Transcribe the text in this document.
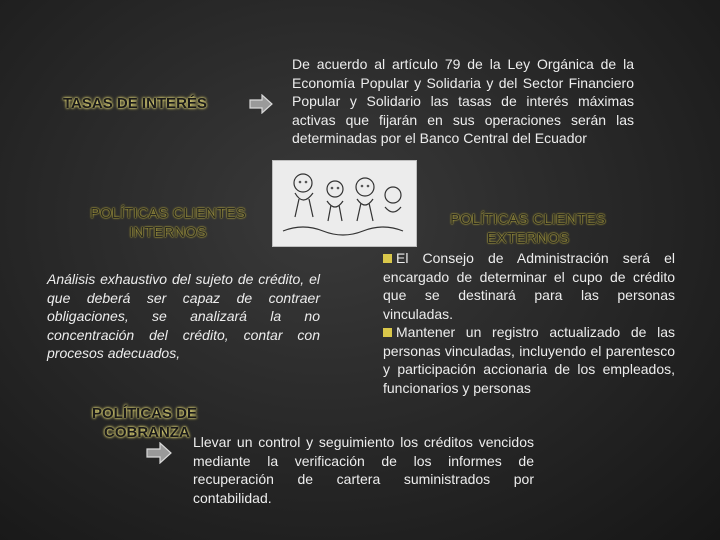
TASAS DE INTERÉS
De acuerdo al artículo 79 de la Ley Orgánica de la Economía Popular y Solidaria y del Sector Financiero Popular y Solidario las tasas de interés máximas activas que fijarán en sus operaciones serán las determinadas por el Banco Central del Ecuador
POLÍTICAS CLIENTES INTERNOS
Análisis exhaustivo del sujeto de crédito, el que deberá ser capaz de contraer obligaciones, se analizará la no concentración del crédito, contar con procesos adecuados,
POLÍTICAS CLIENTES EXTERNOS
El Consejo de Administración será el encargado de determinar el cupo de crédito que se destinará para las personas vinculadas.
Mantener un registro actualizado de las personas vinculadas, incluyendo el parentesco y participación accionaria de los empleados, funcionarios y personas
POLÍTICAS DE
COBRANZA
Llevar un control y seguimiento los créditos vencidos mediante la verificación de los informes de recuperación de cartera suministrados por contabilidad.
